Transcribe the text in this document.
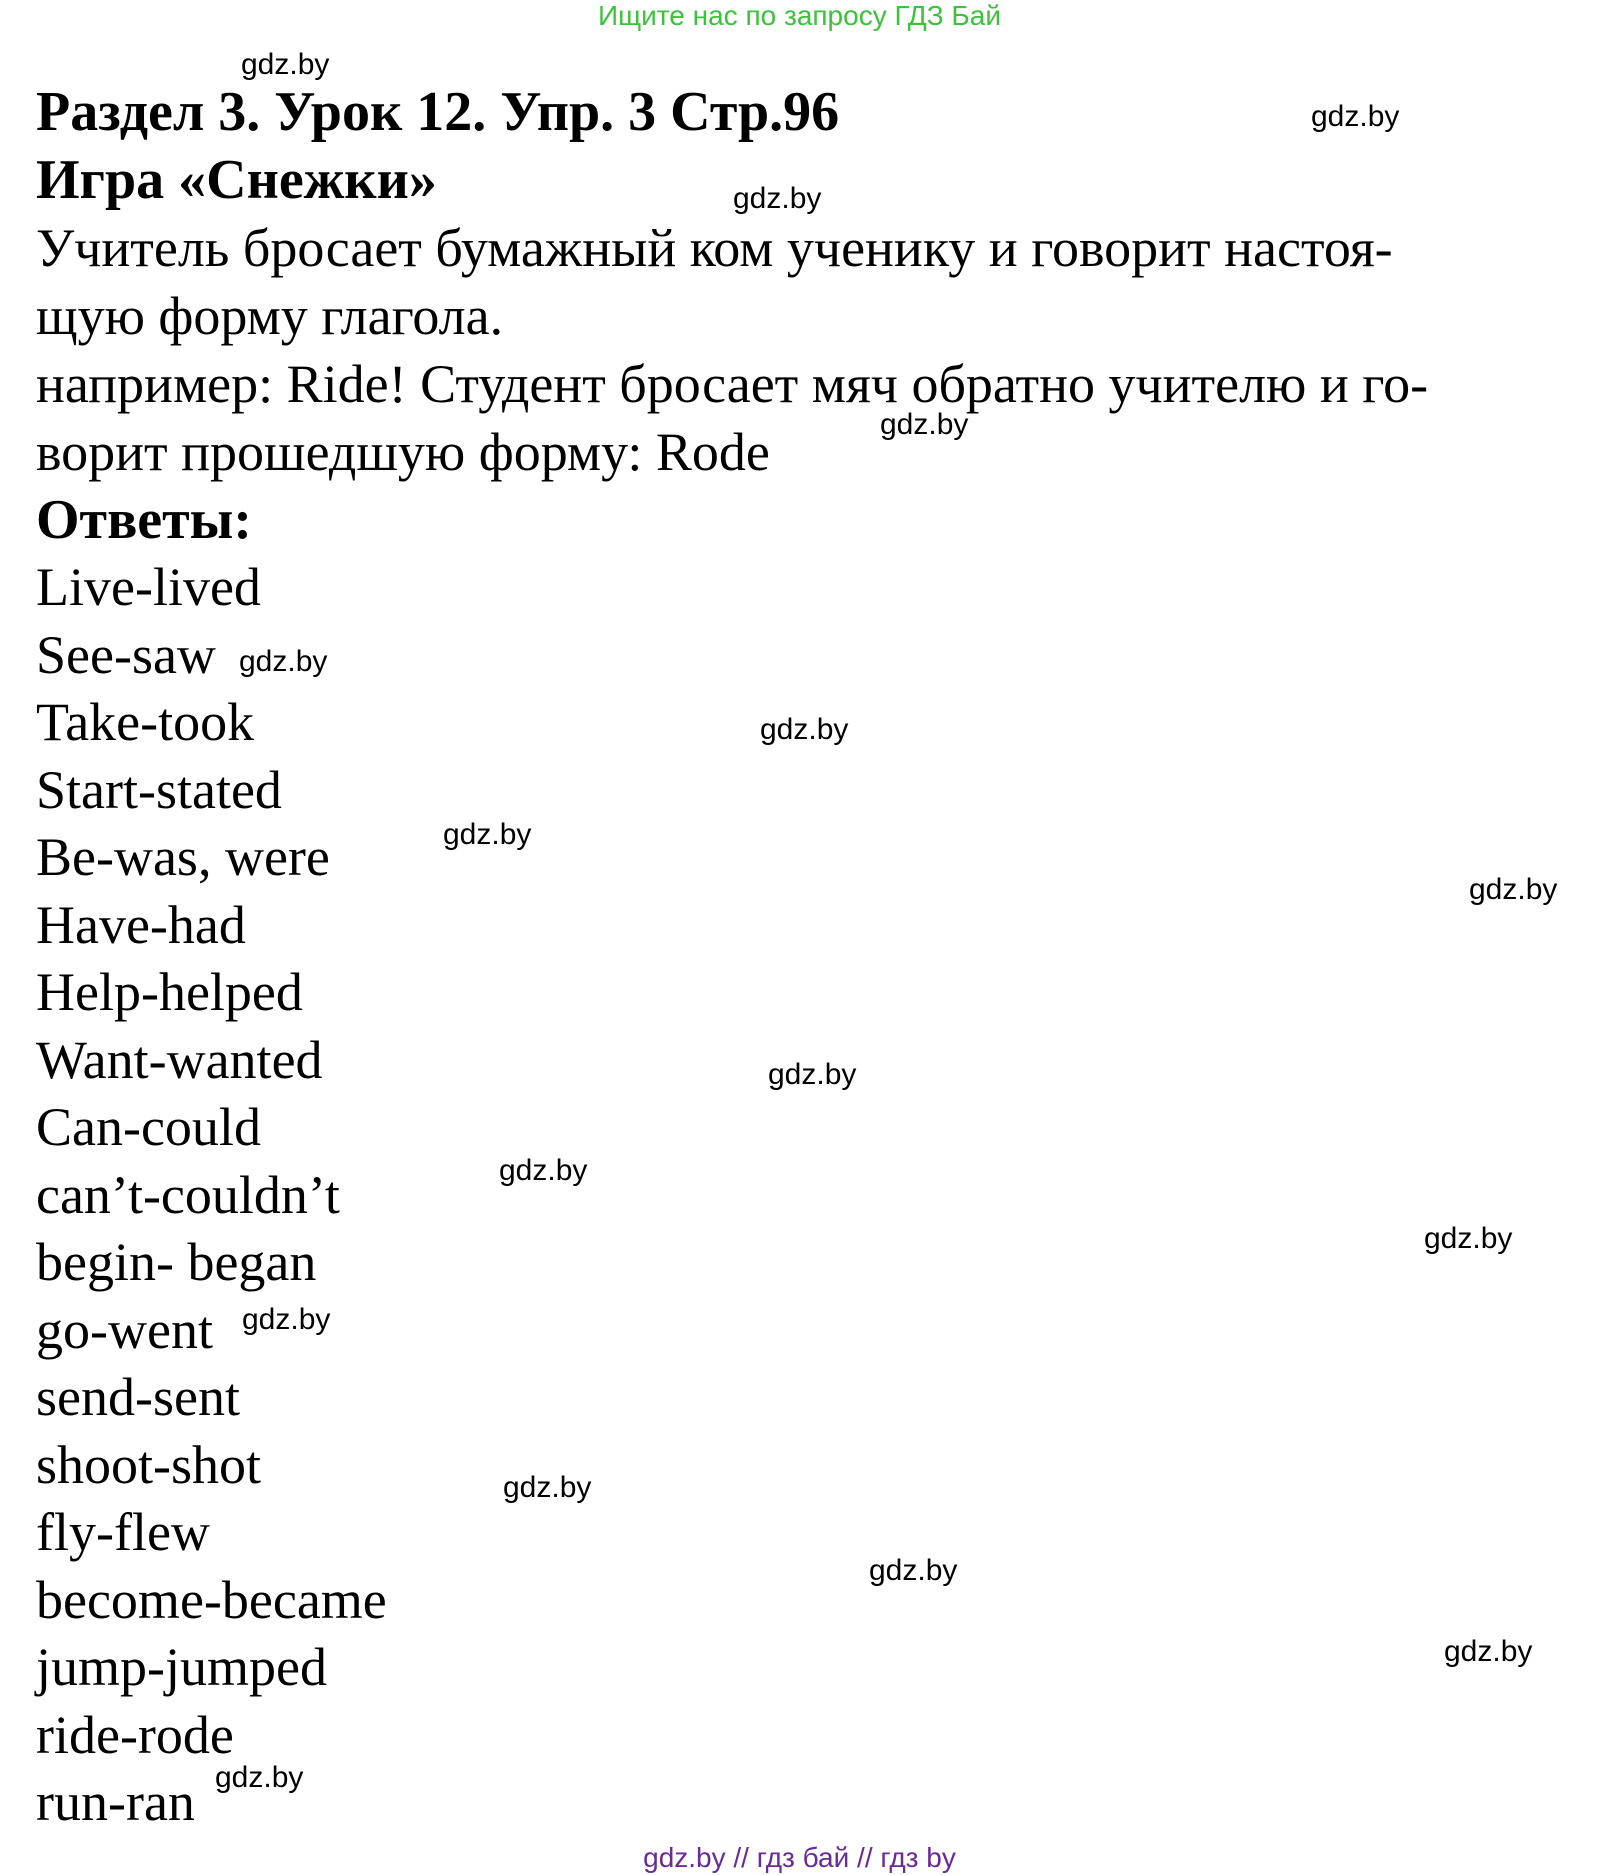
Ищите нас по запросу ГДЗ Бай
Раздел 3. Урок 12. Упр. 3 Стр.96
Игра «Снежки»
Учитель бросает бумажный ком ученику и говорит настоя-
щую форму глагола.
например: Ride! Студент бросает мяч обратно учителю и го-
ворит прошедшую форму: Rode
Ответы:
Live-lived
See-saw
Take-took
Start-stated
Be-was, were
Have-had
Help-helped
Want-wanted
Can-could
can’t-couldn’t
begin- began
go-went
send-sent
shoot-shot
fly-flew
become-became
jump-jumped
ride-rode
run-ran
gdz.by
gdz.by
gdz.by
gdz.by
gdz.by
gdz.by
gdz.by
gdz.by
gdz.by
gdz.by
gdz.by
gdz.by
gdz.by
gdz.by
gdz.by
gdz.by
gdz.by // гдз бай // гдз by
